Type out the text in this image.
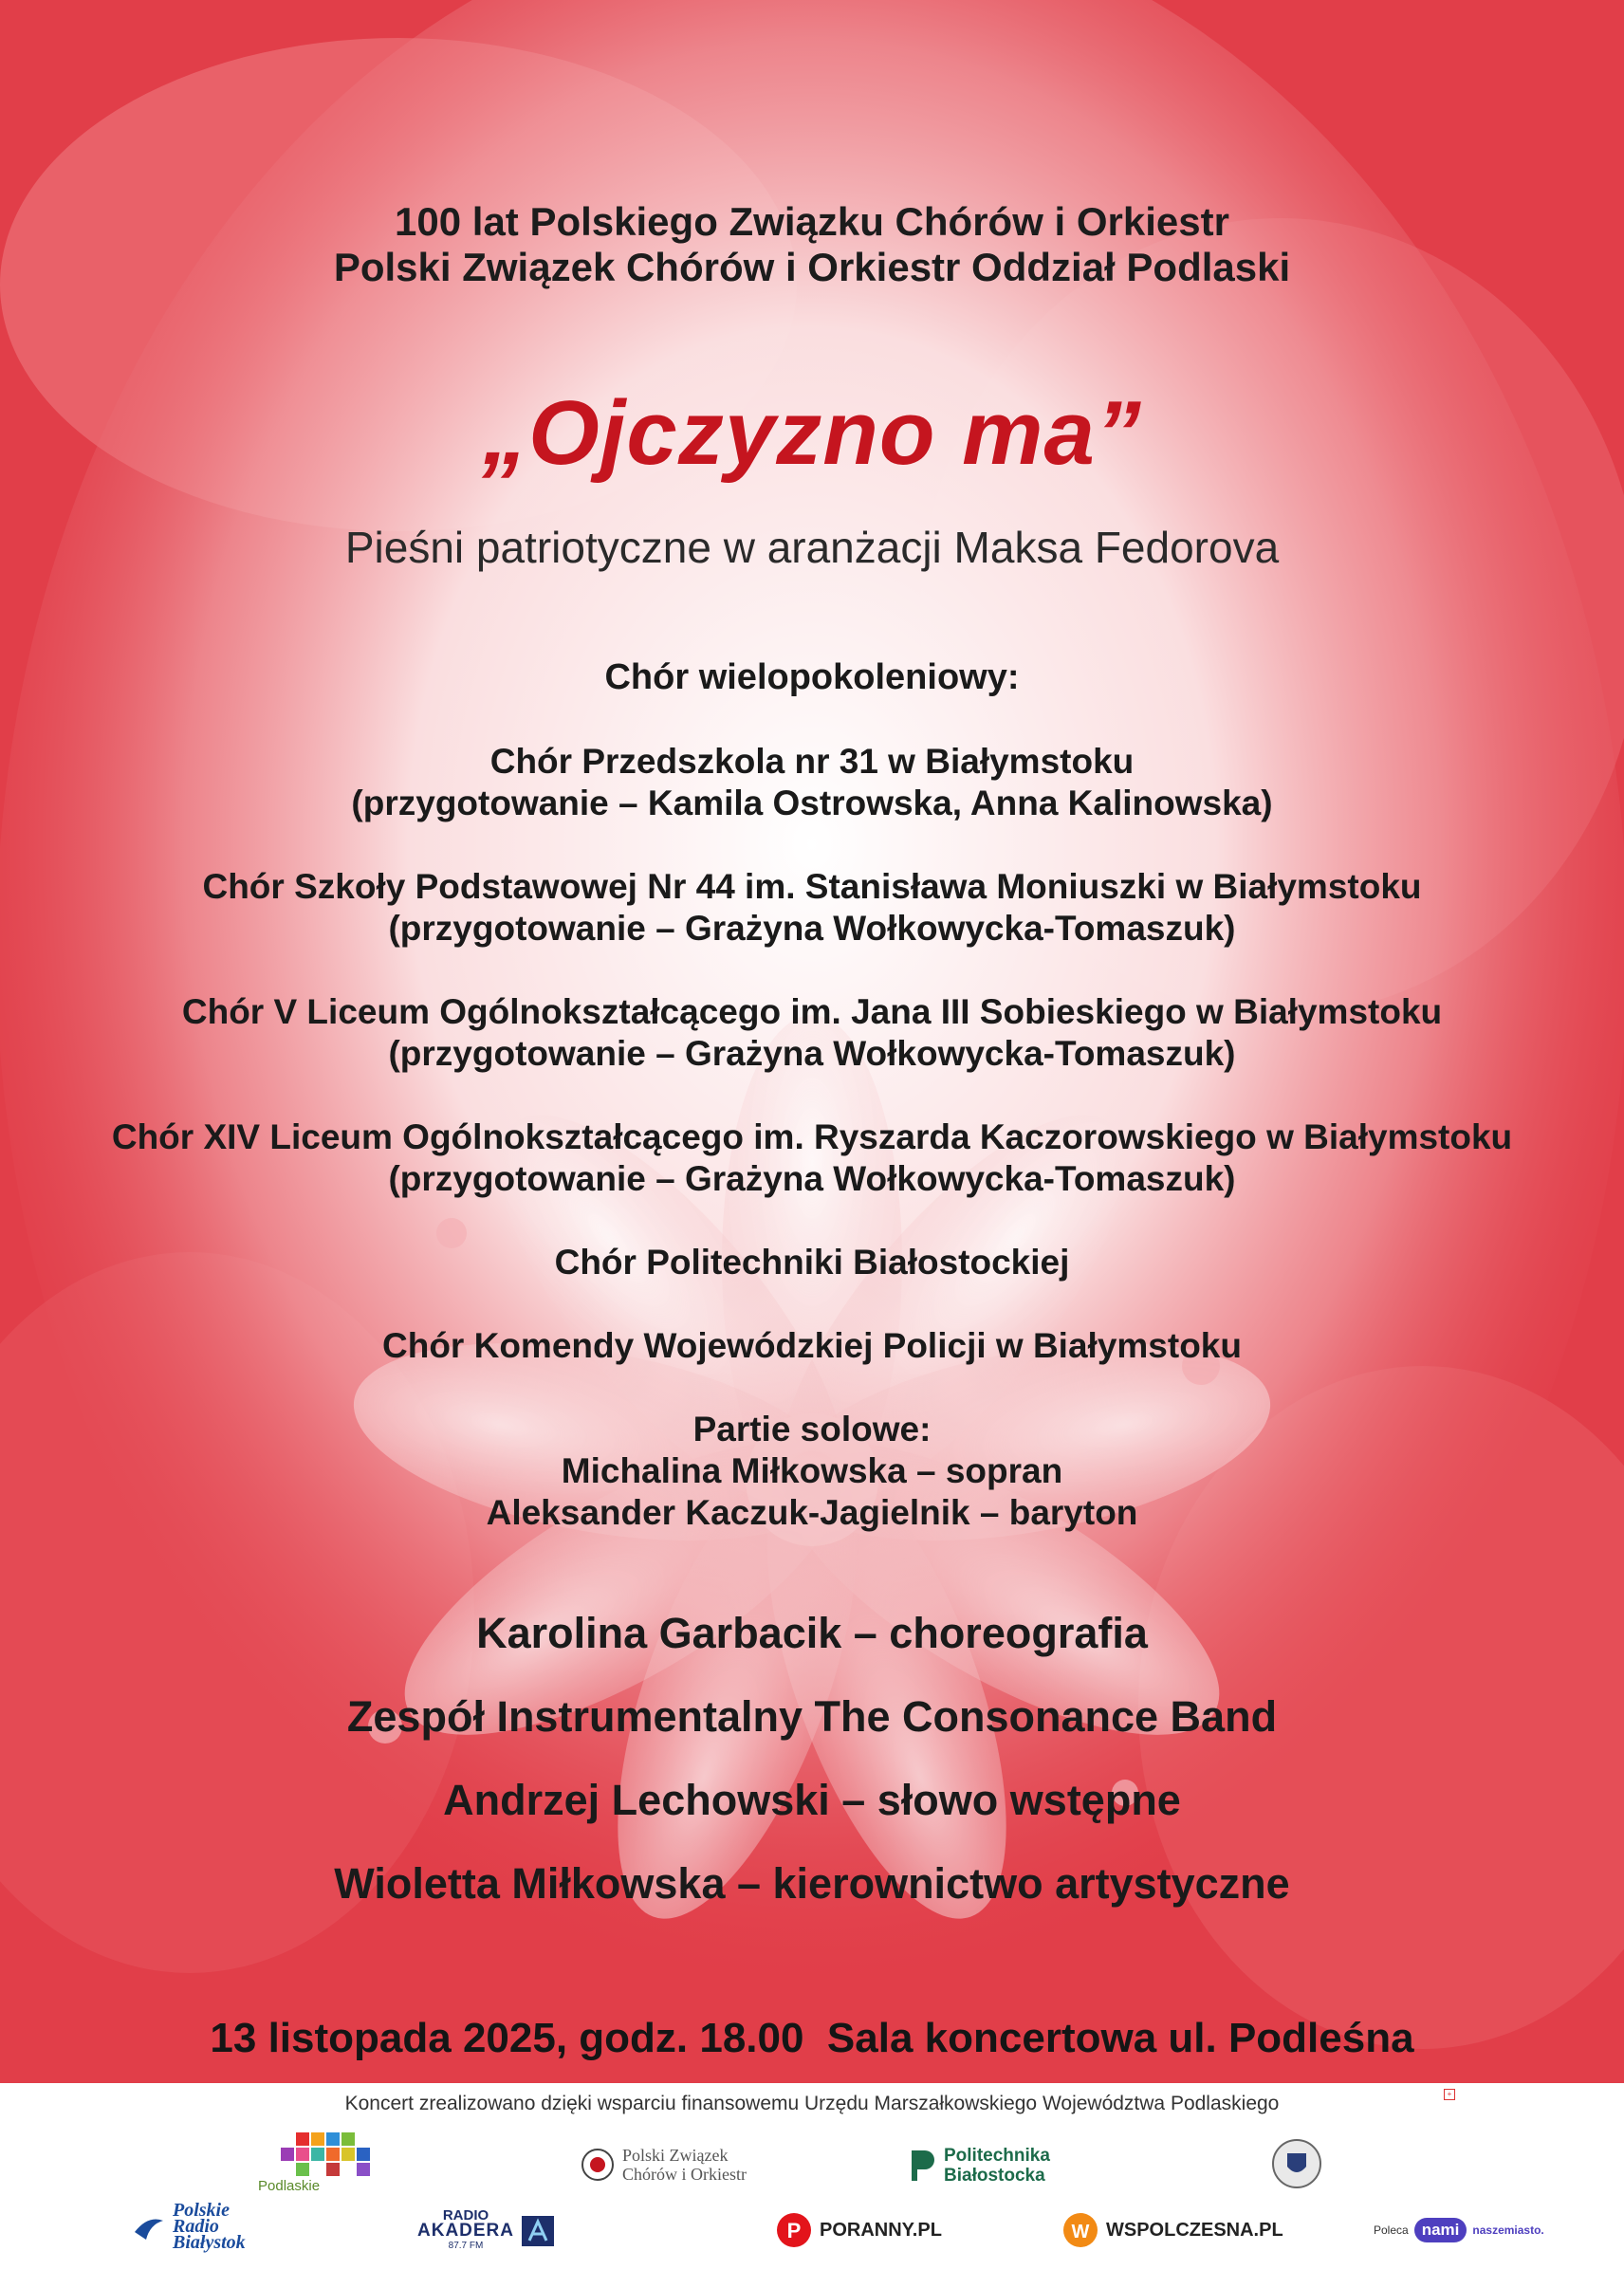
100 lat Polskiego Związku Chórów i Orkiestr
Polski Związek Chórów i Orkiestr Oddział Podlaski
„Ojczyzno ma”
Pieśni patriotyczne w aranżacji Maksa Fedorova
Chór wielopokoleniowy:
Chór Przedszkola nr 31 w Białymstoku
(przygotowanie – Kamila Ostrowska, Anna Kalinowska)
Chór Szkoły Podstawowej Nr 44 im. Stanisława Moniuszki w Białymstoku
(przygotowanie – Grażyna Wołkowycka-Tomaszuk)
Chór V Liceum Ogólnokształcącego im. Jana III Sobieskiego w Białymstoku
(przygotowanie – Grażyna Wołkowycka-Tomaszuk)
Chór XIV Liceum Ogólnokształcącego im. Ryszarda Kaczorowskiego w Białymstoku
(przygotowanie – Grażyna Wołkowycka-Tomaszuk)
Chór Politechniki Białostockiej
Chór Komendy Wojewódzkiej Policji w Białymstoku
Partie solowe:
Michalina Miłkowska – sopran
Aleksander Kaczuk-Jagielnik – baryton
Karolina Garbacik – choreografia
Zespół Instrumentalny The Consonance Band
Andrzej Lechowski – słowo wstępne
Wioletta Miłkowska – kierownictwo artystyczne
13 listopada 2025, godz. 18.00 Sala koncertowa ul. Podleśna
Koncert zrealizowano dzięki wsparciu finansowemu Urzędu Marszałkowskiego Województwa Podlaskiego	+
Podlaskie
Polski Związek
Chórów i Orkiestr
Politechnika
Białostocka
Polskie
Radio
Białystok
RADIO
AKADERA
87.7 FM
P PORANNY.PL	W WSPOLCZESNA.PL	Poleca nami	naszemiasto.
